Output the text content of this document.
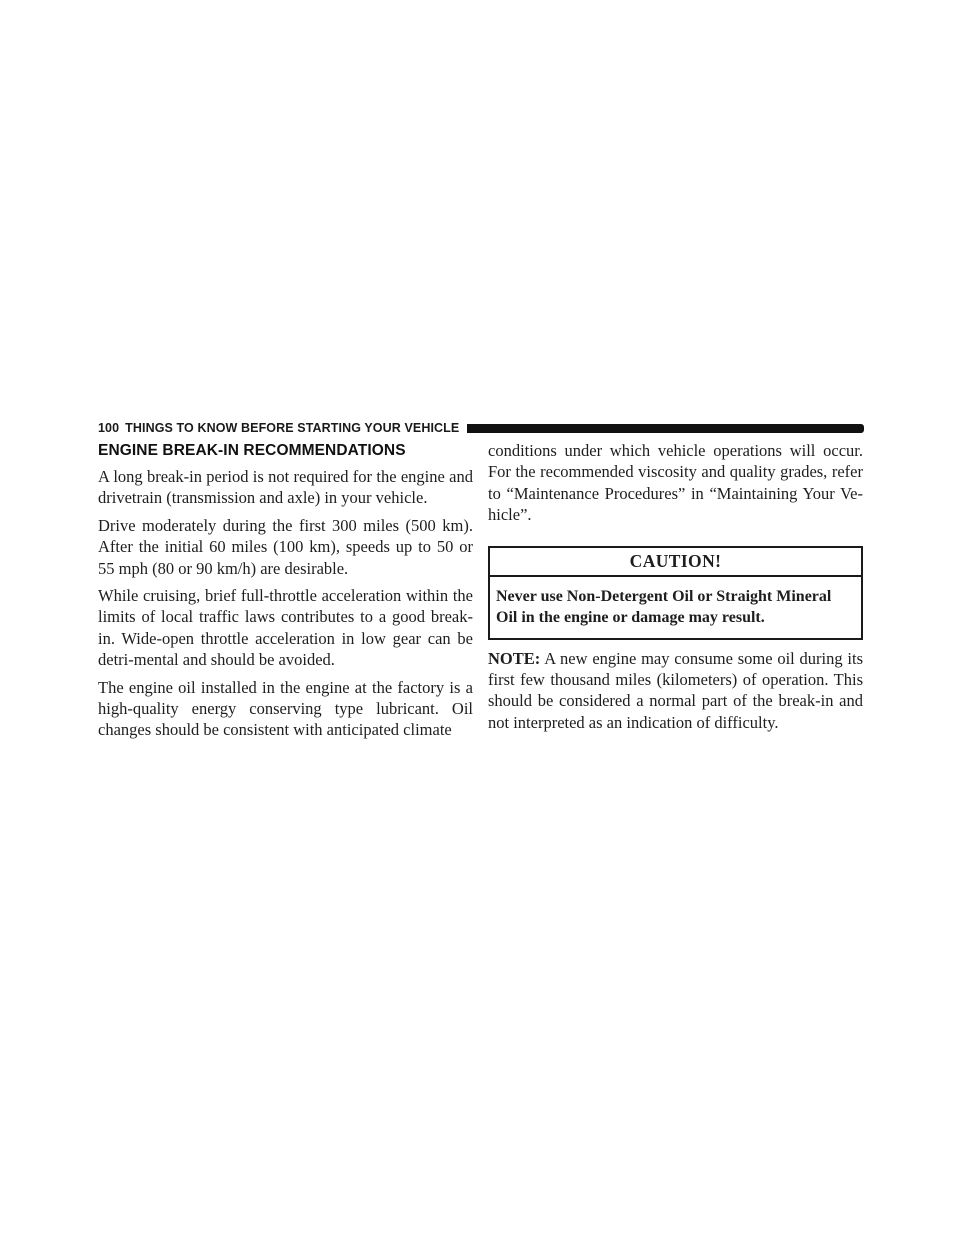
100 THINGS TO KNOW BEFORE STARTING YOUR VEHICLE
ENGINE BREAK-IN RECOMMENDATIONS

A long break-in period is not required for the engine and drivetrain (transmission and axle) in your vehicle.

Drive moderately during the first 300 miles (500 km). After the initial 60 miles (100 km), speeds up to 50 or 55 mph (80 or 90 km/h) are desirable.

While cruising, brief full-throttle acceleration within the limits of local traffic laws contributes to a good break-in. Wide-open throttle acceleration in low gear can be detri-mental and should be avoided.

The engine oil installed in the engine at the factory is a high-quality energy conserving type lubricant. Oil changes should be consistent with anticipated climate

conditions under which vehicle operations will occur. For the recommended viscosity and quality grades, refer to “Maintenance Procedures” in “Maintaining Your Ve-hicle”.

CAUTION!
Never use Non-Detergent Oil or Straight Mineral Oil in the engine or damage may result.

NOTE: A new engine may consume some oil during its first few thousand miles (kilometers) of operation. This should be considered a normal part of the break-in and not interpreted as an indication of difficulty.
